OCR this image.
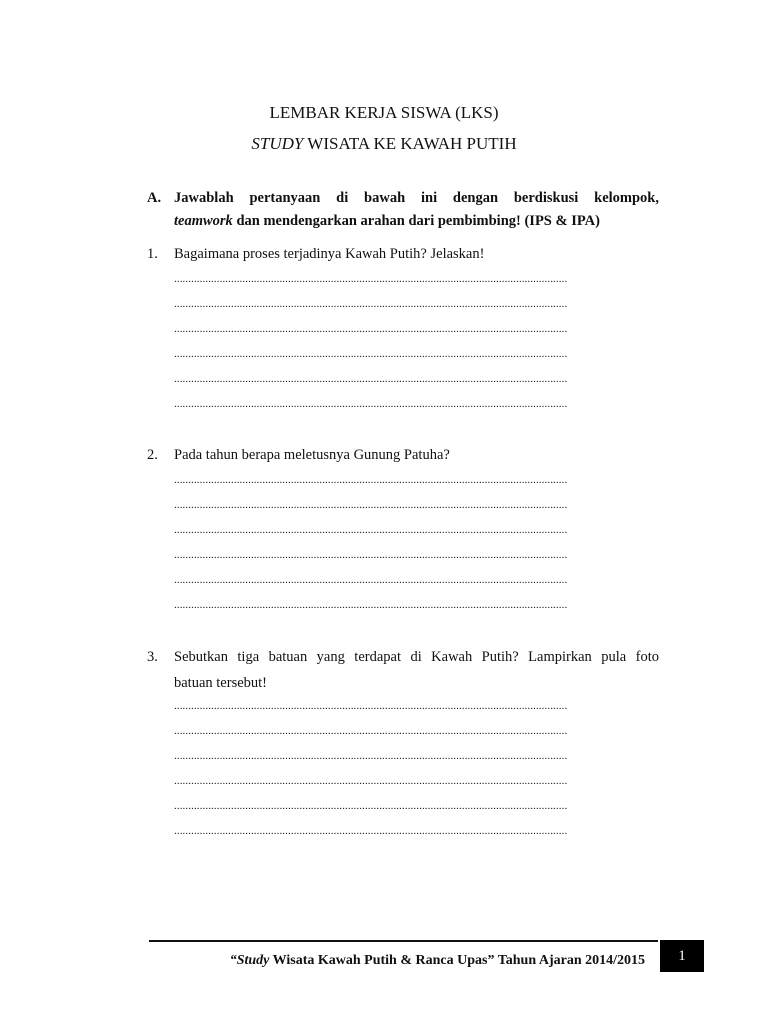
LEMBAR KERJA SISWA (LKS)
STUDY WISATA KE KAWAH PUTIH
A. Jawablah pertanyaan di bawah ini dengan berdiskusi kelompok,
teamwork dan mendengarkan arahan dari pembimbing! (IPS & IPA)
1. Bagaimana proses terjadinya Kawah Putih? Jelaskan!
..........................................................................................................................................
..........................................................................................................................................
..........................................................................................................................................
..........................................................................................................................................
..........................................................................................................................................
..........................................................................................................................................
2. Pada tahun berapa meletusnya Gunung Patuha?
..........................................................................................................................................
..........................................................................................................................................
..........................................................................................................................................
..........................................................................................................................................
..........................................................................................................................................
..........................................................................................................................................
3. Sebutkan tiga batuan yang terdapat di Kawah Putih? Lampirkan pula foto
batuan tersebut!
..........................................................................................................................................
..........................................................................................................................................
..........................................................................................................................................
..........................................................................................................................................
..........................................................................................................................................
..........................................................................................................................................
“Study Wisata Kawah Putih & Ranca Upas” Tahun Ajaran 2014/2015	1
